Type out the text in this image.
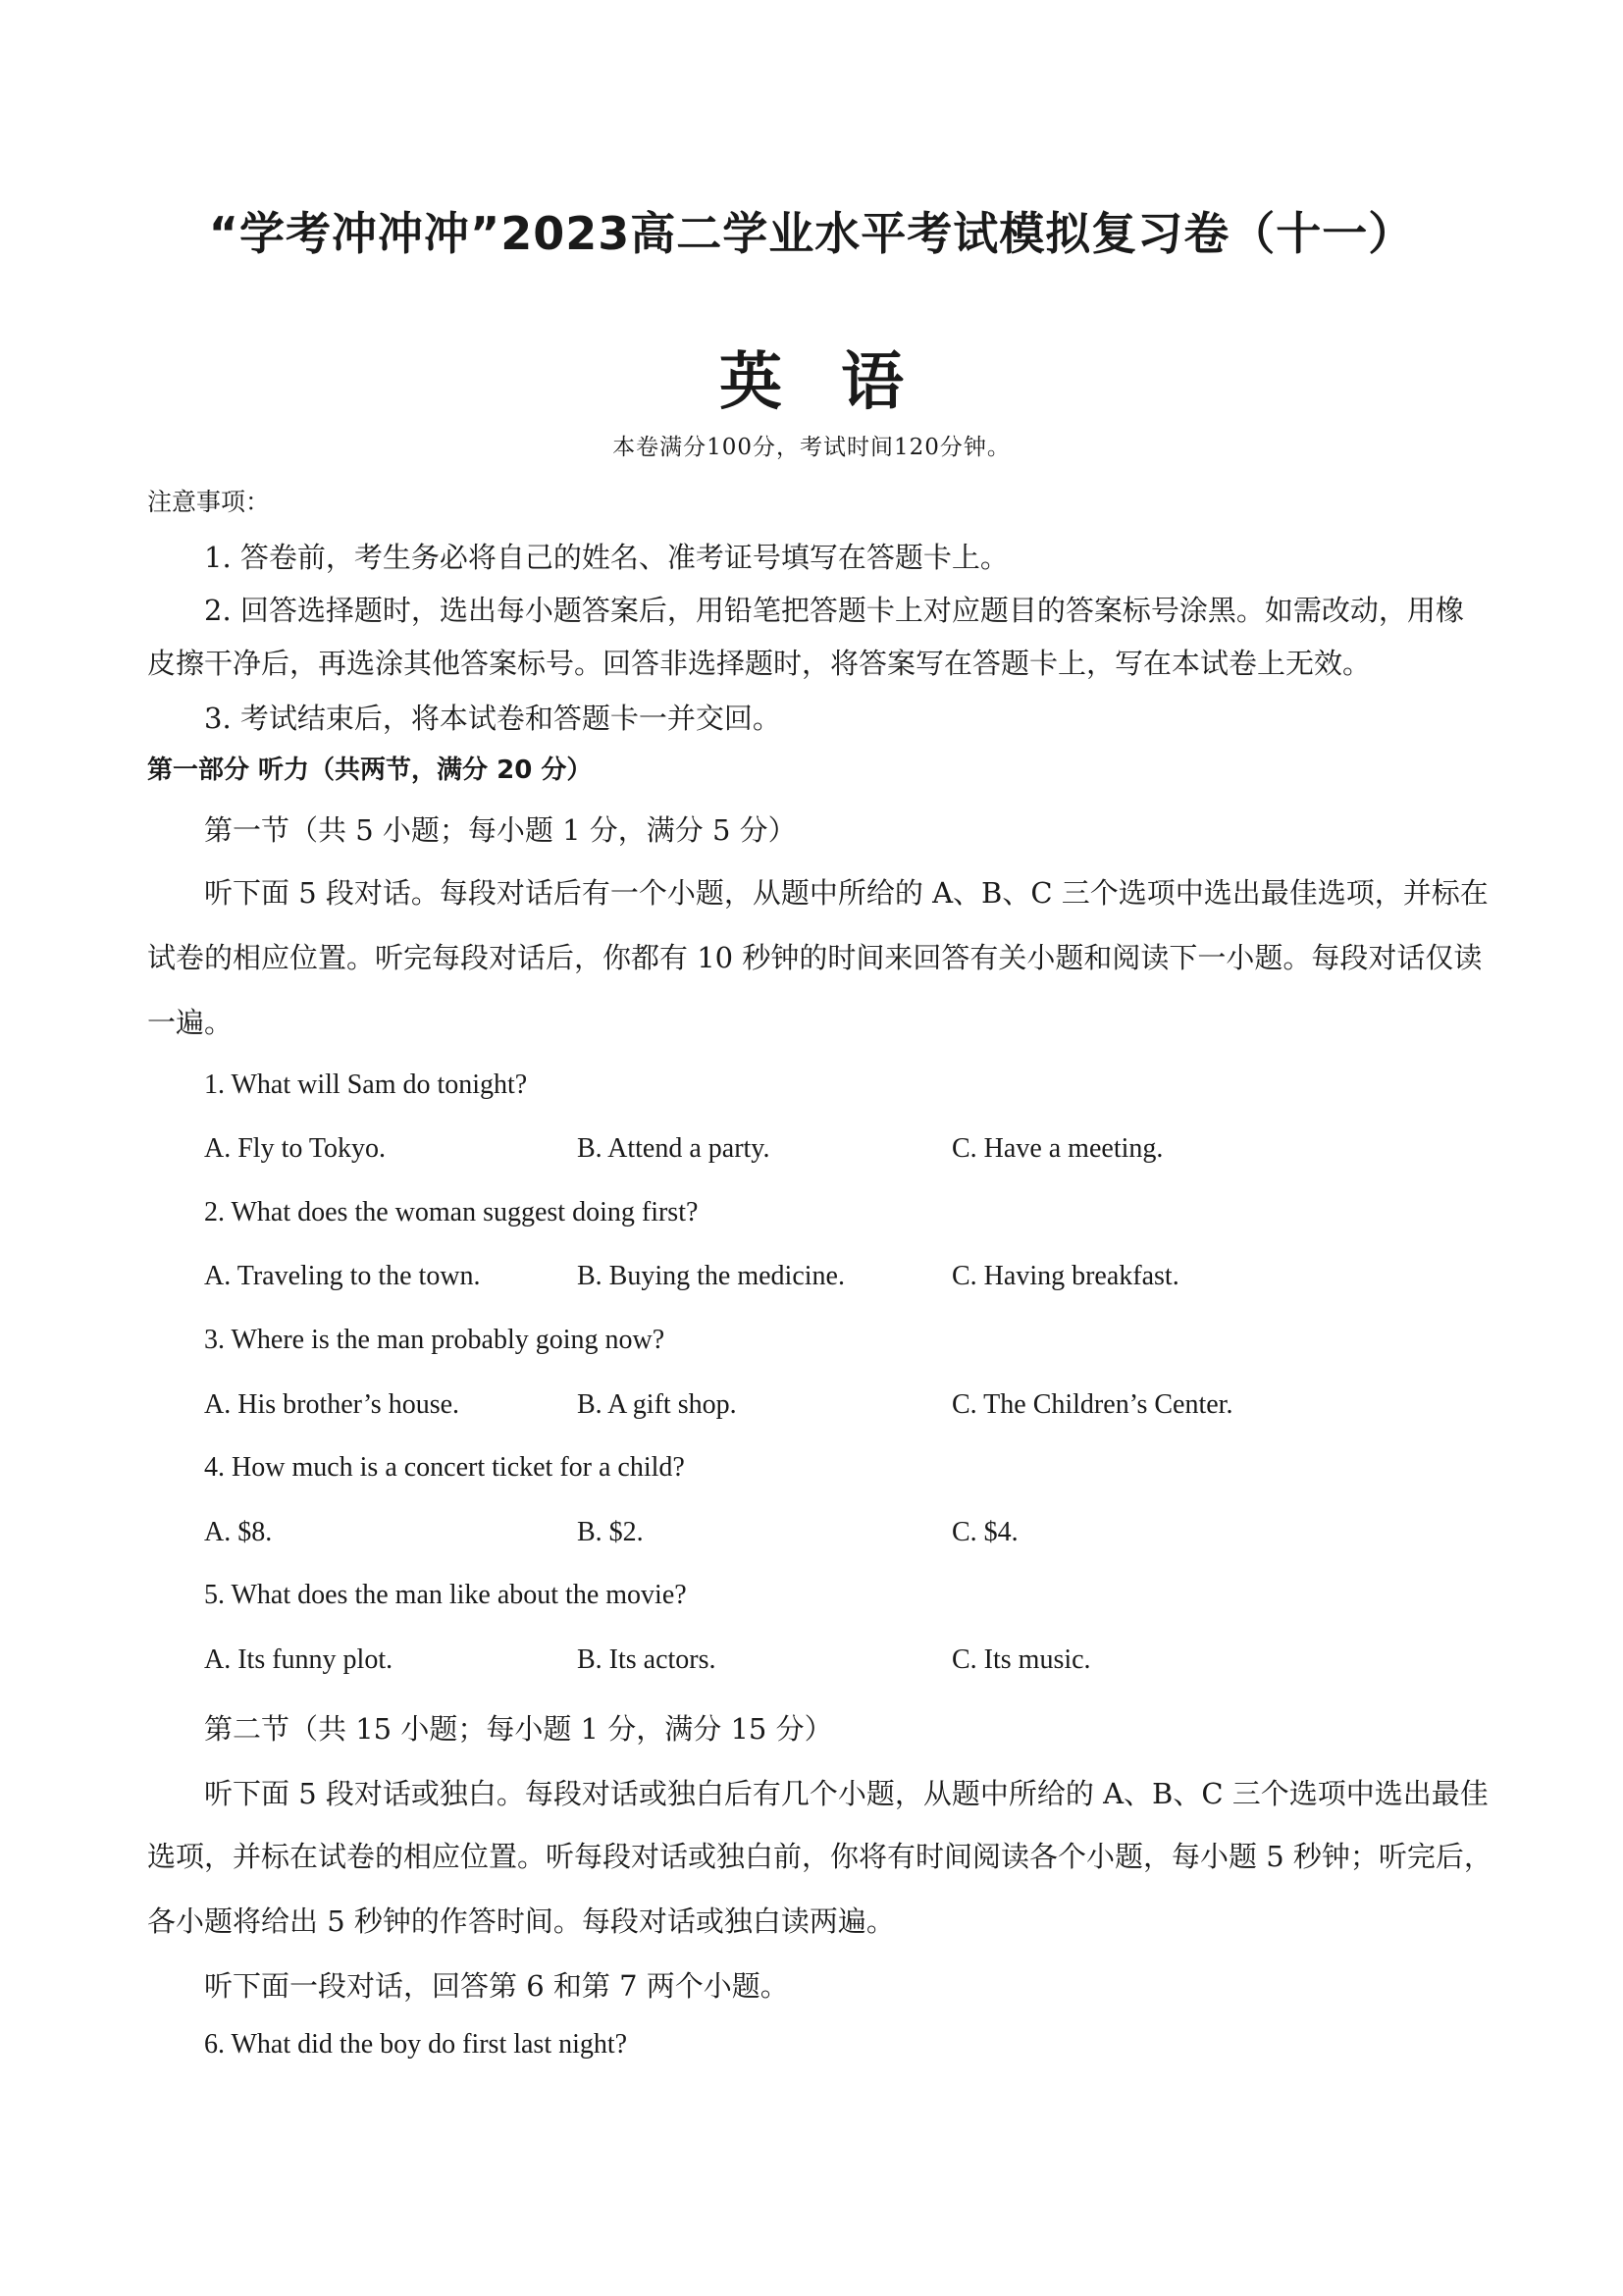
“学考冲冲冲”2023高二学业水平考试模拟复习卷（十一）
英语
本卷满分100分，考试时间120分钟。
注意事项：
1. 答卷前，考生务必将自己的姓名、准考证号填写在答题卡上。
2. 回答选择题时，选出每小题答案后，用铅笔把答题卡上对应题目的答案标号涂黑。如需改动，用橡
皮擦干净后，再选涂其他答案标号。回答非选择题时，将答案写在答题卡上，写在本试卷上无效。
3. 考试结束后，将本试卷和答题卡一并交回。
第一部分 听力（共两节，满分 20 分）
第一节（共 5 小题；每小题 1 分，满分 5 分）
听下面 5 段对话。每段对话后有一个小题，从题中所给的 A、B、C 三个选项中选出最佳选项，并标在
试卷的相应位置。听完每段对话后，你都有 10 秒钟的时间来回答有关小题和阅读下一小题。每段对话仅读
一遍。
1. What will Sam do tonight?
A. Fly to Tokyo.	B. Attend a party.	C. Have a meeting.
2. What does the woman suggest doing first?
A. Traveling to the town.	B. Buying the medicine.	C. Having breakfast.
3. Where is the man probably going now?
A. His brother’s house.	B. A gift shop.	C. The Children’s Center.
4. How much is a concert ticket for a child?
A. $8.	B. $2.	C. $4.
5. What does the man like about the movie?
A. Its funny plot.	B. Its actors.	C. Its music.
第二节（共 15 小题；每小题 1 分，满分 15 分）
听下面 5 段对话或独白。每段对话或独白后有几个小题，从题中所给的 A、B、C 三个选项中选出最佳
选项，并标在试卷的相应位置。听每段对话或独白前，你将有时间阅读各个小题，每小题 5 秒钟；听完后，
各小题将给出 5 秒钟的作答时间。每段对话或独白读两遍。
听下面一段对话，回答第 6 和第 7 两个小题。
6. What did the boy do first last night?
